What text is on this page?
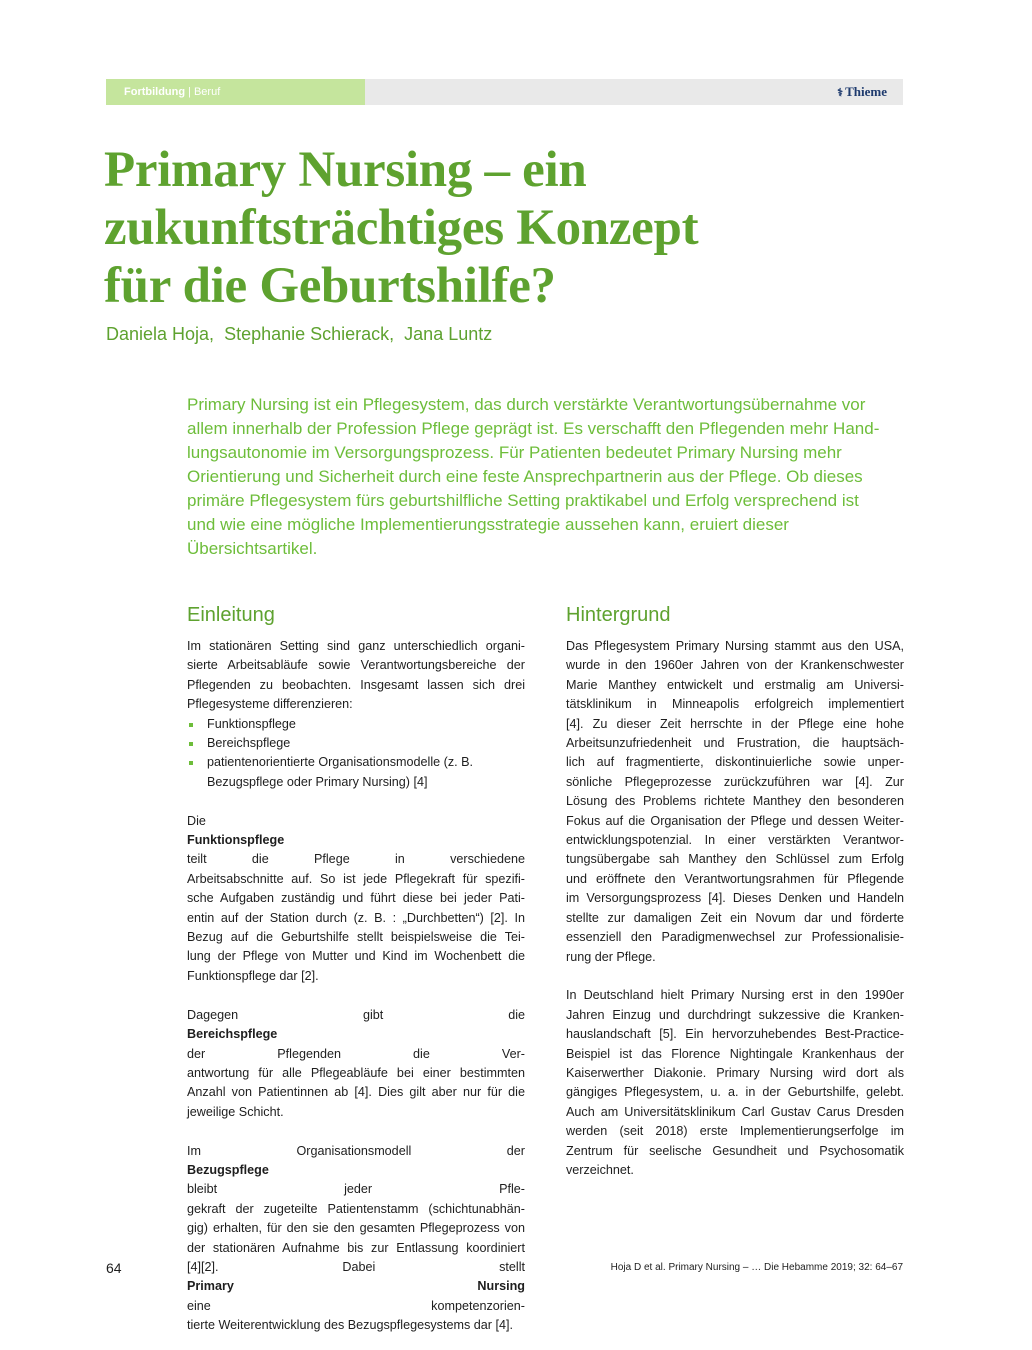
Fortbildung | Beruf	⚕ Thieme
Primary Nursing – ein
zukunftsträchtiges Konzept
für die Geburtshilfe?
Daniela Hoja, Stephanie Schierack, Jana Luntz

Primary Nursing ist ein Pflegesystem, das durch verstärkte Verantwortungsübernahme vor
allem innerhalb der Profession Pflege geprägt ist. Es verschafft den Pflegenden mehr Hand-
lungsautonomie im Versorgungsprozess. Für Patienten bedeutet Primary Nursing mehr
Orientierung und Sicherheit durch eine feste Ansprechpartnerin aus der Pflege. Ob dieses
primäre Pflegesystem fürs geburtshilfliche Setting praktikabel und Erfolg versprechend ist
und wie eine mögliche Implementierungsstrategie aussehen kann, eruiert dieser
Übersichtsartikel.

Einleitung

Im stationären Setting sind ganz unterschiedlich organi-
sierte Arbeitsabläufe sowie Verantwortungsbereiche der
Pflegenden zu beobachten. Insgesamt lassen sich drei
Pflegesysteme differenzieren:

Funktionspflege
Bereichspflege
patientenorientierte Organisationsmodelle (z. B.
Bezugspflege oder Primary Nursing) [4]

Die
Funktionspflege
teilt die Pflege in verschiedene
Arbeitsabschnitte auf. So ist jede Pflegekraft für spezifi-
sche Aufgaben zuständig und führt diese bei jeder Pati-
entin auf der Station durch (z. B. : „Durchbetten“) [2]. In
Bezug auf die Geburtshilfe stellt beispielsweise die Tei-
lung der Pflege von Mutter und Kind im Wochenbett die
Funktionspflege dar [2].

Dagegen gibt die
Bereichspflege
der Pflegenden die Ver-
antwortung für alle Pflegeabläufe bei einer bestimmten
Anzahl von Patientinnen ab [4]. Dies gilt aber nur für die
jeweilige Schicht.

Im Organisationsmodell der
Bezugspflege
bleibt jeder Pfle-
gekraft der zugeteilte Patientenstamm (schichtunabhän-
gig) erhalten, für den sie den gesamten Pflegeprozess von
der stationären Aufnahme bis zur Entlassung koordiniert
[4][2]. Dabei stellt
Primary Nursing
eine kompetenzorien-
tierte Weiterentwicklung des Bezugspflegesystems dar [4].

Hintergrund

Das Pflegesystem Primary Nursing stammt aus den USA,
wurde in den 1960er Jahren von der Krankenschwester
Marie Manthey entwickelt und erstmalig am Universi-
tätsklinikum in Minneapolis erfolgreich implementiert
[4]. Zu dieser Zeit herrschte in der Pflege eine hohe
Arbeitsunzufriedenheit und Frustration, die hauptsäch-
lich auf fragmentierte, diskontinuierliche sowie unper-
sönliche Pflegeprozesse zurückzuführen war [4]. Zur
Lösung des Problems richtete Manthey den besonderen
Fokus auf die Organisation der Pflege und dessen Weiter-
entwicklungspotenzial. In einer verstärkten Verantwor-
tungsübergabe sah Manthey den Schlüssel zum Erfolg
und eröffnete den Verantwortungsrahmen für Pflegende
im Versorgungsprozess [4]. Dieses Denken und Handeln
stellte zur damaligen Zeit ein Novum dar und förderte
essenziell den Paradigmenwechsel zur Professionalisie-
rung der Pflege.

In Deutschland hielt Primary Nursing erst in den 1990er
Jahren Einzug und durchdringt sukzessive die Kranken-
hauslandschaft [5]. Ein hervorzuhebendes Best-Practice-
Beispiel ist das Florence Nightingale Krankenhaus der
Kaiserwerther Diakonie. Primary Nursing wird dort als
gängiges Pflegesystem, u. a. in der Geburtshilfe, gelebt.
Auch am Universitätsklinikum Carl Gustav Carus Dresden
werden (seit 2018) erste Implementierungserfolge im
Zentrum für seelische Gesundheit und Psychosomatik
verzeichnet.

64	Hoja D et al. Primary Nursing – … Die Hebamme 2019; 32: 64–67
